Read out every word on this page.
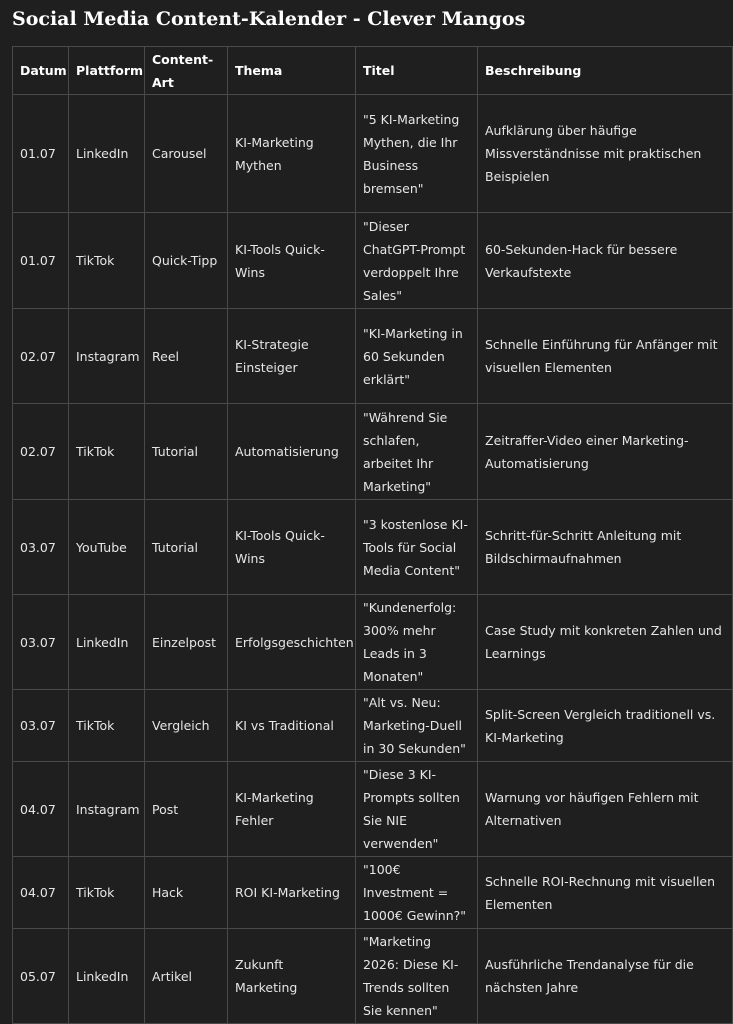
Social Media Content-Kalender - Clever Mangos
Datum	Plattform	Content-Art	Thema	Titel	Beschreibung
01.07	LinkedIn	Carousel	KI-Marketing Mythen	"5 KI-Marketing Mythen, die Ihr Business bremsen"	Aufklärung über häufige Missverständnisse mit praktischen Beispielen
01.07	TikTok	Quick-Tipp	KI-Tools Quick-Wins	"Dieser ChatGPT-Prompt verdoppelt Ihre Sales"	60-Sekunden-Hack für bessere Verkaufstexte
02.07	Instagram	Reel	KI-Strategie Einsteiger	"KI-Marketing in 60 Sekunden erklärt"	Schnelle Einführung für Anfänger mit visuellen Elementen
02.07	TikTok	Tutorial	Automatisierung	"Während Sie schlafen, arbeitet Ihr Marketing"	Zeitraffer-Video einer Marketing-Automatisierung
03.07	YouTube	Tutorial	KI-Tools Quick-Wins	"3 kostenlose KI-Tools für Social Media Content"	Schritt-für-Schritt Anleitung mit Bildschirmaufnahmen
03.07	LinkedIn	Einzelpost	Erfolgsgeschichten	"Kundenerfolg: 300% mehr Leads in 3 Monaten"	Case Study mit konkreten Zahlen und Learnings
03.07	TikTok	Vergleich	KI vs Traditional	"Alt vs. Neu: Marketing-Duell in 30 Sekunden"	Split-Screen Vergleich traditionell vs. KI-Marketing
04.07	Instagram	Post	KI-Marketing Fehler	"Diese 3 KI-Prompts sollten Sie NIE verwenden"	Warnung vor häufigen Fehlern mit Alternativen
04.07	TikTok	Hack	ROI KI-Marketing	"100€ Investment = 1000€ Gewinn?"	Schnelle ROI-Rechnung mit visuellen Elementen
05.07	LinkedIn	Artikel	Zukunft Marketing	"Marketing 2026: Diese KI-Trends sollten Sie kennen"	Ausführliche Trendanalyse für die nächsten Jahre
